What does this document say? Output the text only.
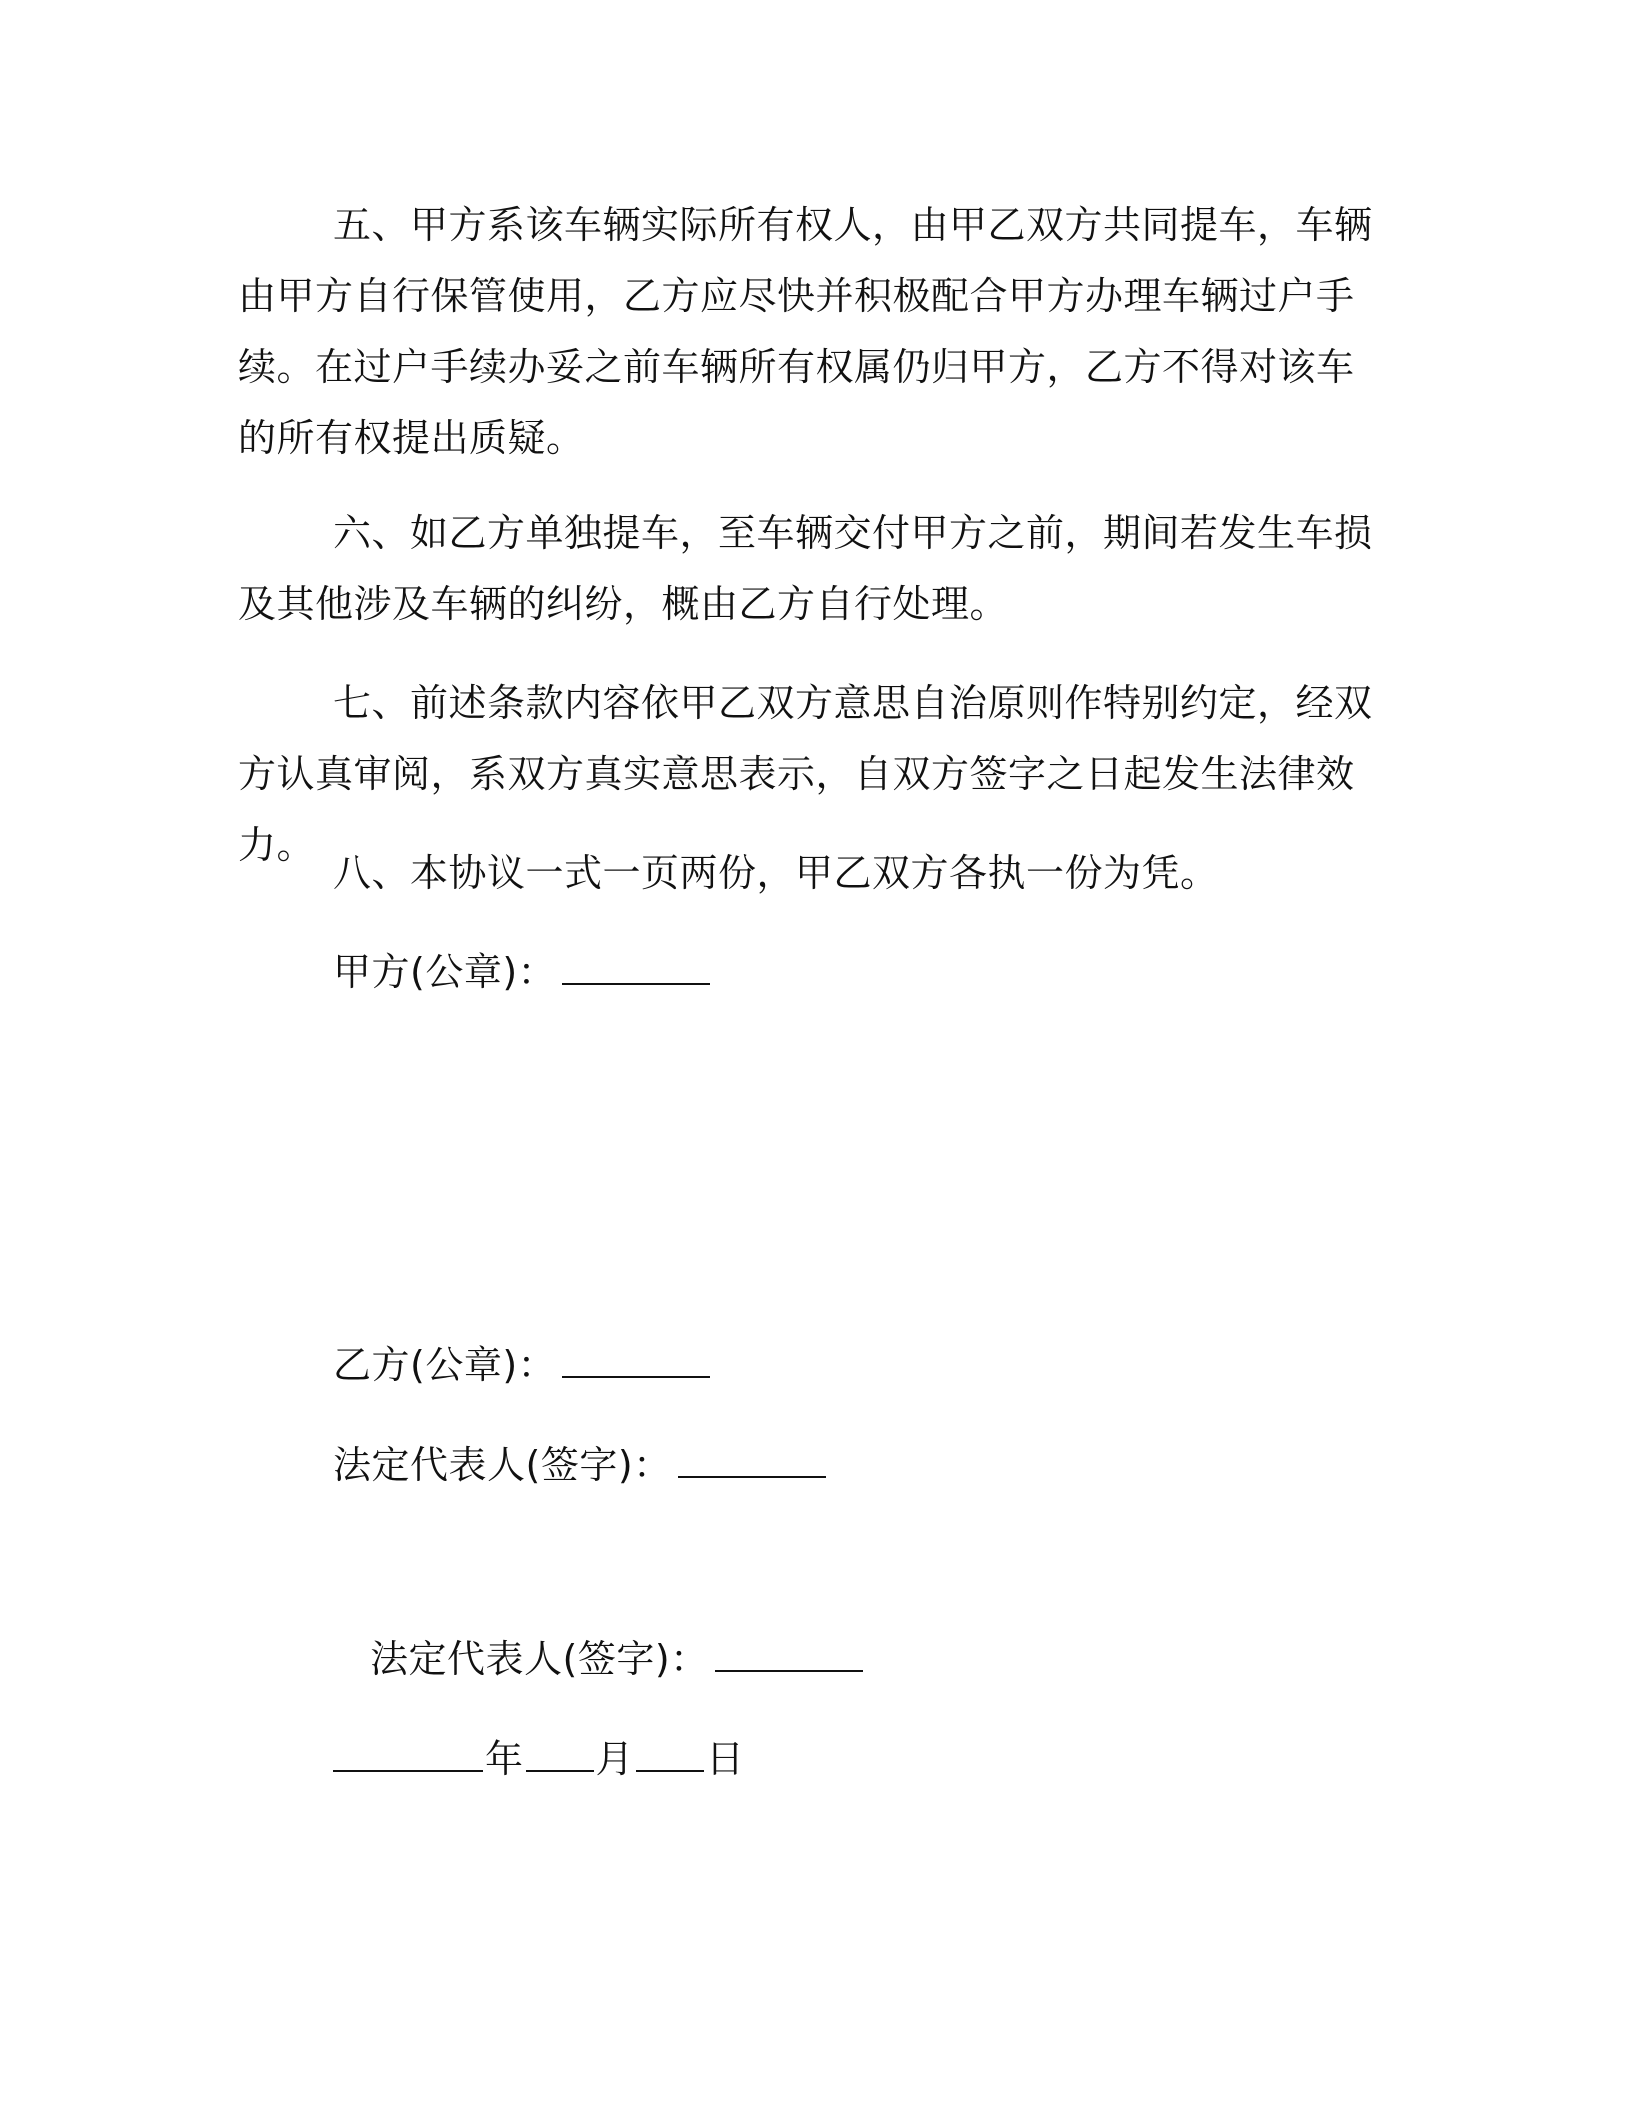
五、甲方系该车辆实际所有权人，由甲乙双方共同提车，车辆由甲方自行保管使用，乙方应尽快并积极配合甲方办理车辆过户手续。在过户手续办妥之前车辆所有权属仍归甲方，乙方不得对该车的所有权提出质疑。

六、如乙方单独提车，至车辆交付甲方之前，期间若发生车损及其他涉及车辆的纠纷，概由乙方自行处理。

七、前述条款内容依甲乙双方意思自治原则作特别约定，经双方认真审阅，系双方真实意思表示，自双方签字之日起发生法律效力。

八、本协议一式一页两份，甲乙双方各执一份为凭。

甲方(公章)：
乙方(公章)：
法定代表人(签字)：
法定代表人(签字)：
年 月 日
